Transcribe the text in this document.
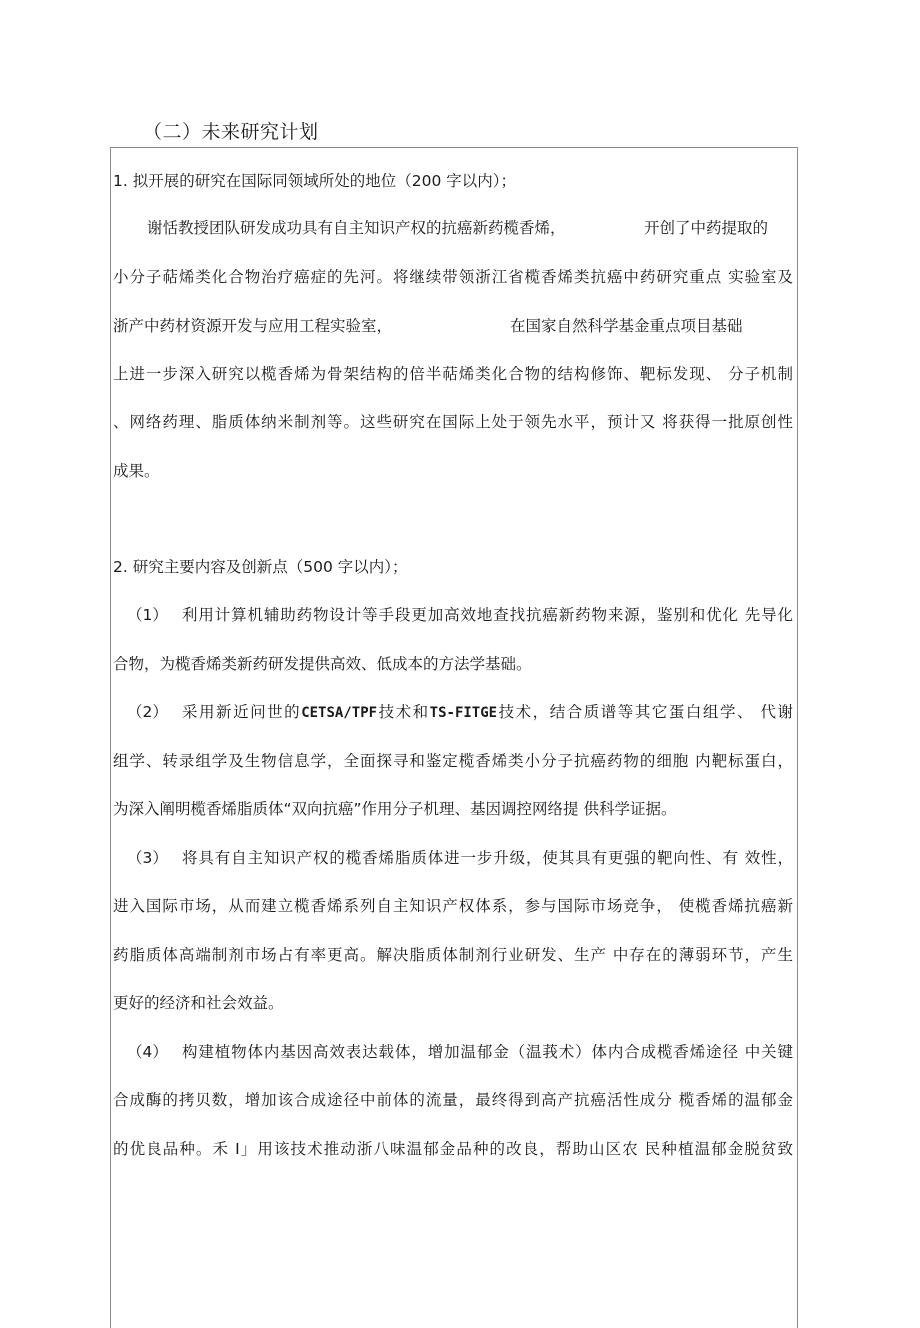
（二）未来研究计划
1. 拟开展的研究在国际同领域所处的地位（200 字以内）；
谢恬教授团队研发成功具有自主知识产权的抗癌新药榄香烯，	开创了中药提取的
小分子萜烯类化合物治疗癌症的先河。将继续带领浙江省榄香烯类抗癌中药研究重点 实验室及
浙产中药材资源开发与应用工程实验室，	在国家自然科学基金重点项目基础
上进一步深入研究以榄香烯为骨架结构的倍半萜烯类化合物的结构修饰、靶标发现、 分子机制
、网络药理、脂质体纳米制剂等。这些研究在国际上处于领先水平，预计又 将获得一批原创性
成果。
2. 研究主要内容及创新点（500 字以内）；
（1） 利用计算机辅助药物设计等手段更加高效地查找抗癌新药物来源，鉴别和优化 先导化
合物，为榄香烯类新药研发提供高效、低成本的方法学基础。
（2） 采用新近问世的CETSA/TPF技术和TS-FITGE技术，结合质谱等其它蛋白组学、 代谢
组学、转录组学及生物信息学，全面探寻和鉴定榄香烯类小分子抗癌药物的细胞 内靶标蛋白，
为深入阐明榄香烯脂质体“双向抗癌”作用分子机理、基因调控网络提 供科学证据。
（3） 将具有自主知识产权的榄香烯脂质体进一步升级，使其具有更强的靶向性、有 效性，
进入国际市场，从而建立榄香烯系列自主知识产权体系，参与国际市场竞争， 使榄香烯抗癌新
药脂质体高端制剂市场占有率更高。解决脂质体制剂行业研发、生产 中存在的薄弱环节，产生
更好的经济和社会效益。
（4） 构建植物体内基因高效表达载体，增加温郁金（温莪术）体内合成榄香烯途径 中关键
合成酶的拷贝数，增加该合成途径中前体的流量，最终得到高产抗癌活性成分 榄香烯的温郁金
的优良品种。禾 I」用该技术推动浙八味温郁金品种的改良，帮助山区农 民种植温郁金脱贫致
